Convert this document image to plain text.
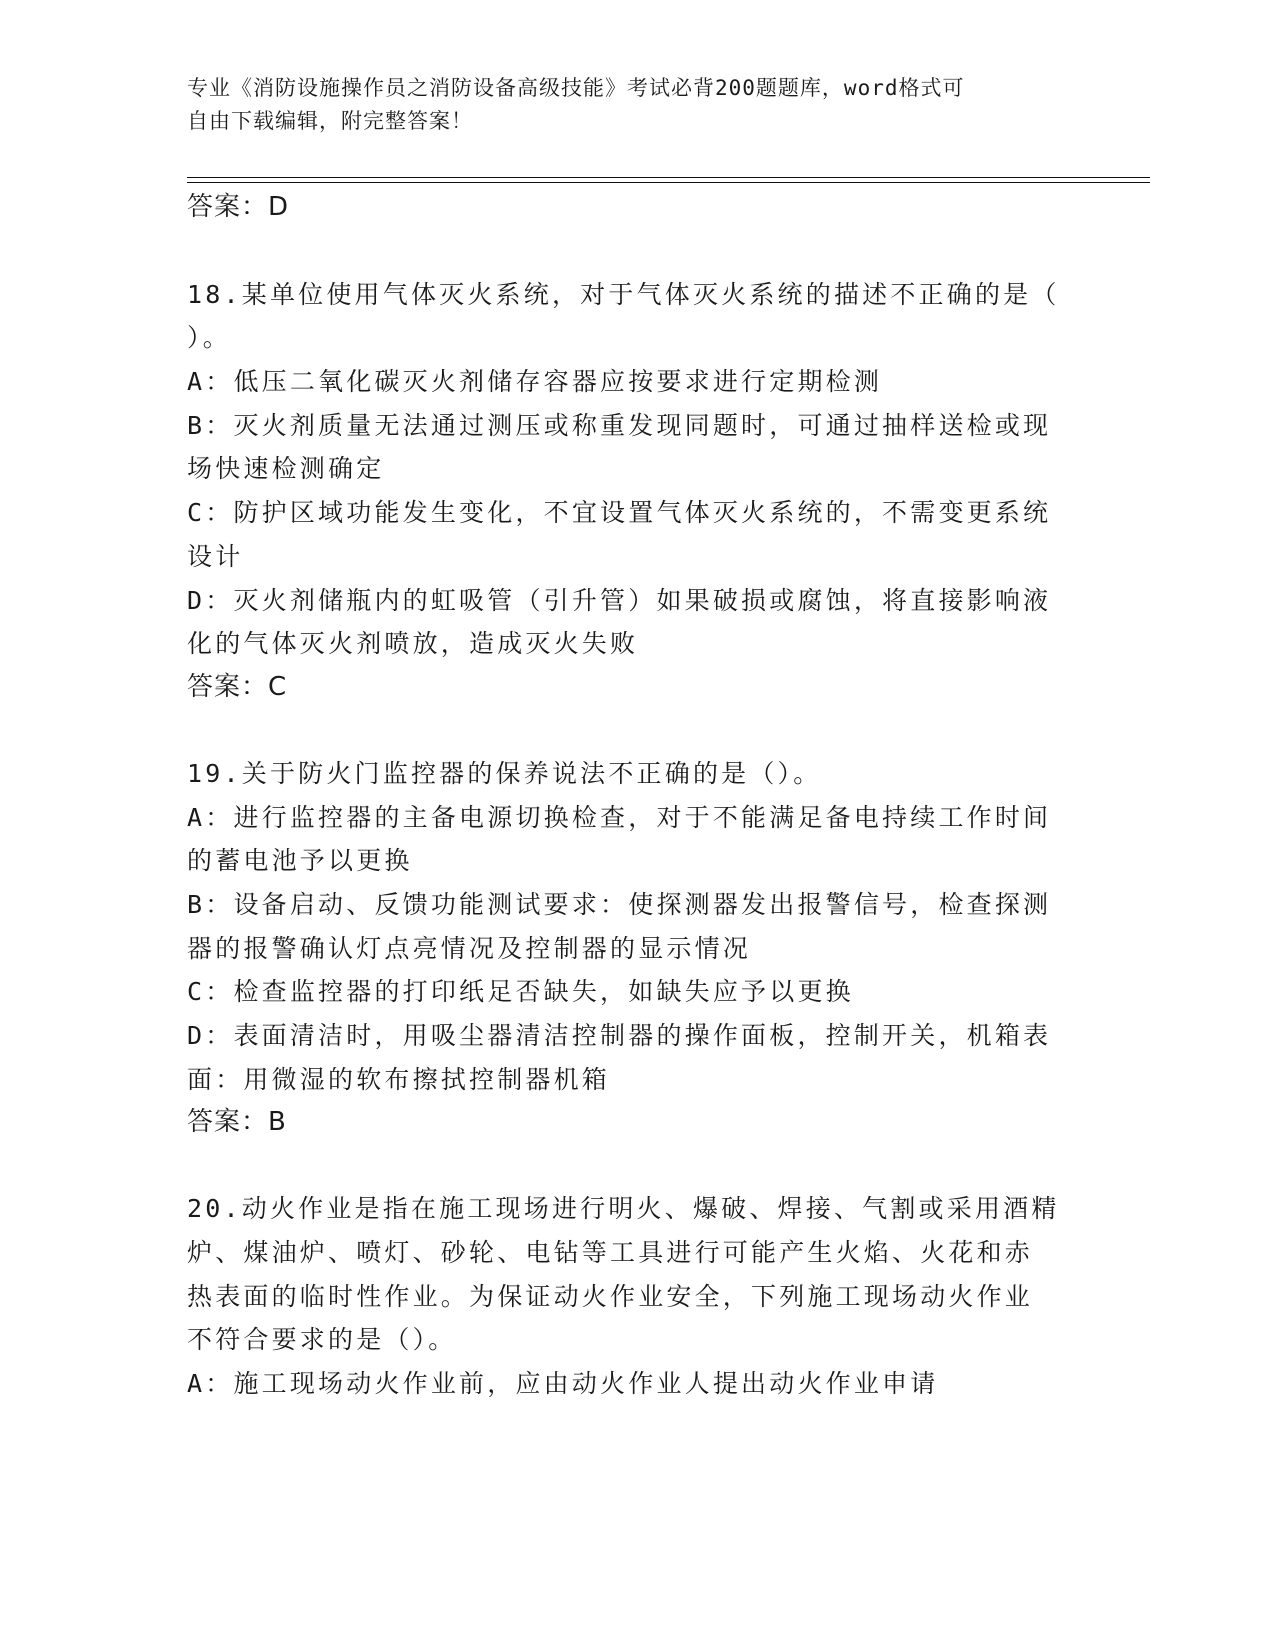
专业《消防设施操作员之消防设备高级技能》考试必背200题题库，word格式可
自由下载编辑，附完整答案！
答案：D
18.某单位使用气体灭火系统，对于气体灭火系统的描述不正确的是（
）。
A：低压二氧化碳灭火剂储存容器应按要求进行定期检测
B：灭火剂质量无法通过测压或称重发现同题时，可通过抽样送检或现
场快速检测确定
C：防护区域功能发生变化，不宜设置气体灭火系统的，不需变更系统
设计
D：灭火剂储瓶内的虹吸管（引升管）如果破损或腐蚀，将直接影响液
化的气体灭火剂喷放，造成灭火失败
答案：C
19.关于防火门监控器的保养说法不正确的是（）。
A：进行监控器的主备电源切换检查，对于不能满足备电持续工作时间
的蓄电池予以更换
B：设备启动、反馈功能测试要求：使探测器发出报警信号，检查探测
器的报警确认灯点亮情况及控制器的显示情况
C：检查监控器的打印纸足否缺失，如缺失应予以更换
D：表面清洁时，用吸尘器清洁控制器的操作面板，控制开关，机箱表
面：用微湿的软布擦拭控制器机箱
答案：B
20.动火作业是指在施工现场进行明火、爆破、焊接、气割或采用酒精
炉、煤油炉、喷灯、砂轮、电钻等工具进行可能产生火焰、火花和赤
热表面的临时性作业。为保证动火作业安全，下列施工现场动火作业
不符合要求的是（）。
A：施工现场动火作业前，应由动火作业人提出动火作业申请
